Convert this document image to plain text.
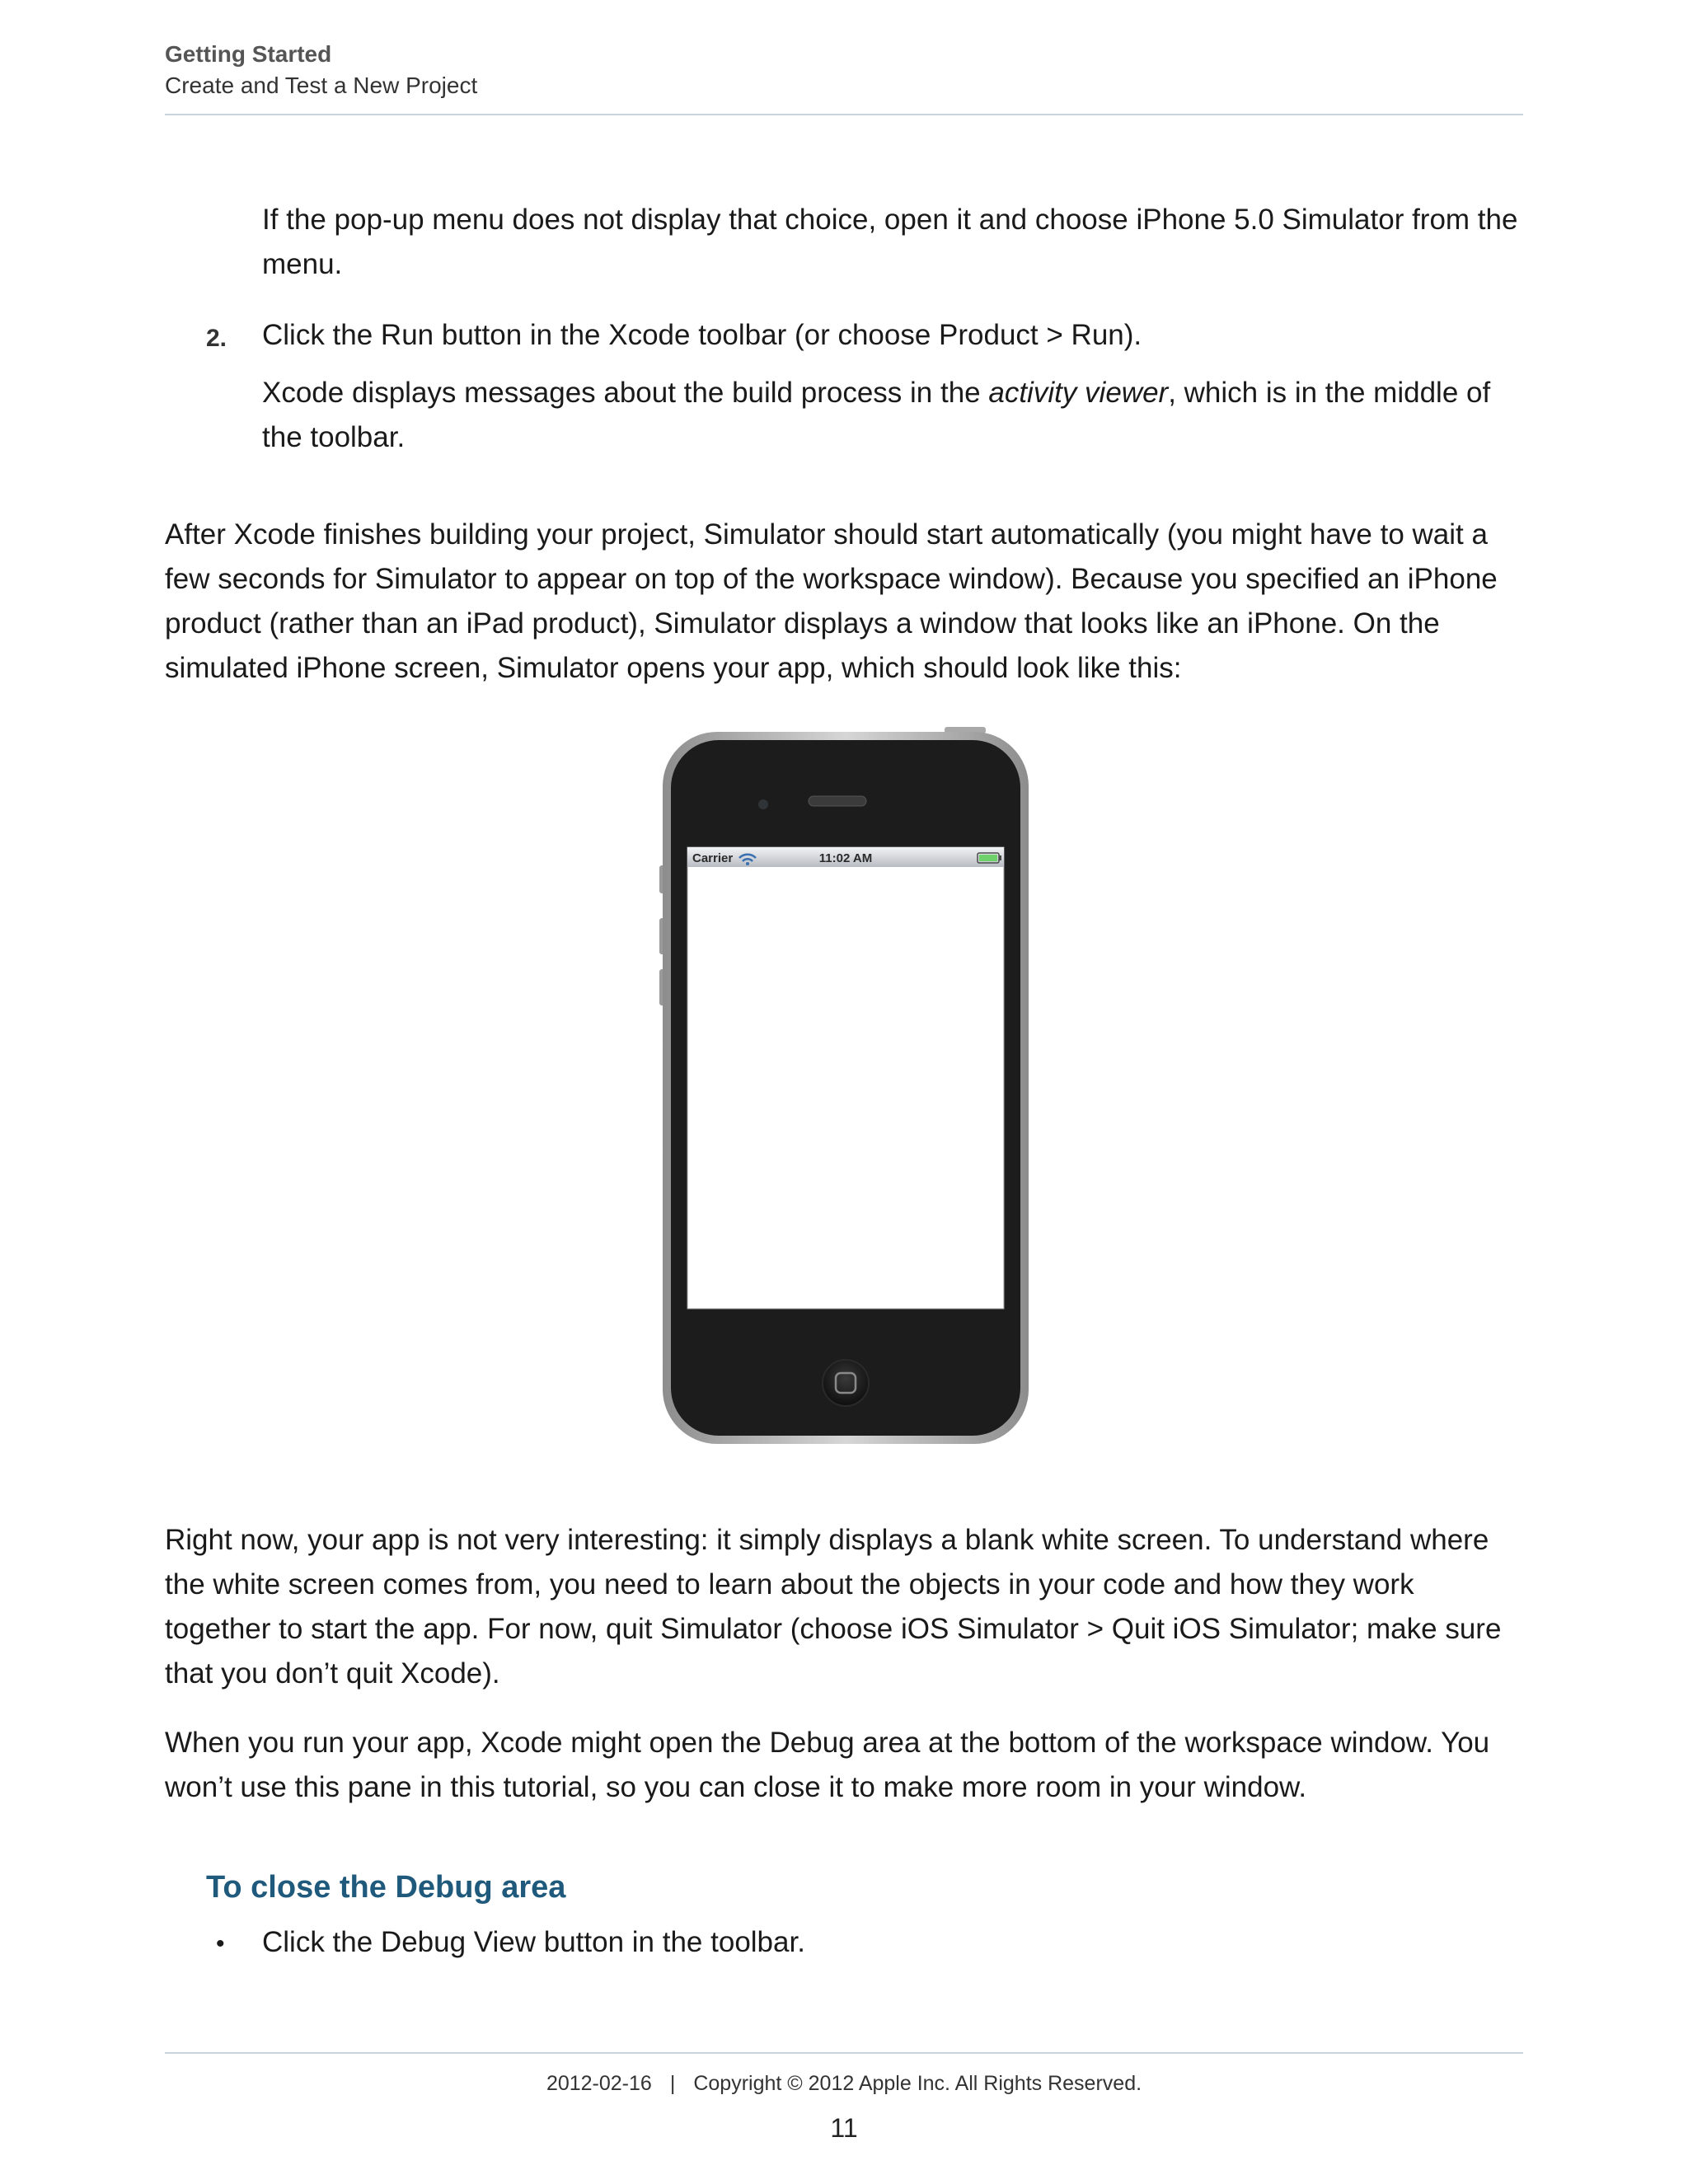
Getting Started
Create and Test a New Project

If the pop-up menu does not display that choice, open it and choose iPhone 5.0 Simulator from the menu.

2. Click the Run button in the Xcode toolbar (or choose Product > Run).

Xcode displays messages about the build process in the activity viewer, which is in the middle of the toolbar.

After Xcode finishes building your project, Simulator should start automatically (you might have to wait a few seconds for Simulator to appear on top of the workspace window). Because you specified an iPhone product (rather than an iPad product), Simulator displays a window that looks like an iPhone. On the simulated iPhone screen, Simulator opens your app, which should look like this:

Carrier	11:02 AM

Right now, your app is not very interesting: it simply displays a blank white screen. To understand where the white screen comes from, you need to learn about the objects in your code and how they work together to start the app. For now, quit Simulator (choose iOS Simulator > Quit iOS Simulator; make sure that you don’t quit Xcode).

When you run your app, Xcode might open the Debug area at the bottom of the workspace window. You won’t use this pane in this tutorial, so you can close it to make more room in your window.

To close the Debug area
• Click the Debug View button in the toolbar.

2012-02-16 | Copyright © 2012 Apple Inc. All Rights Reserved.
11
